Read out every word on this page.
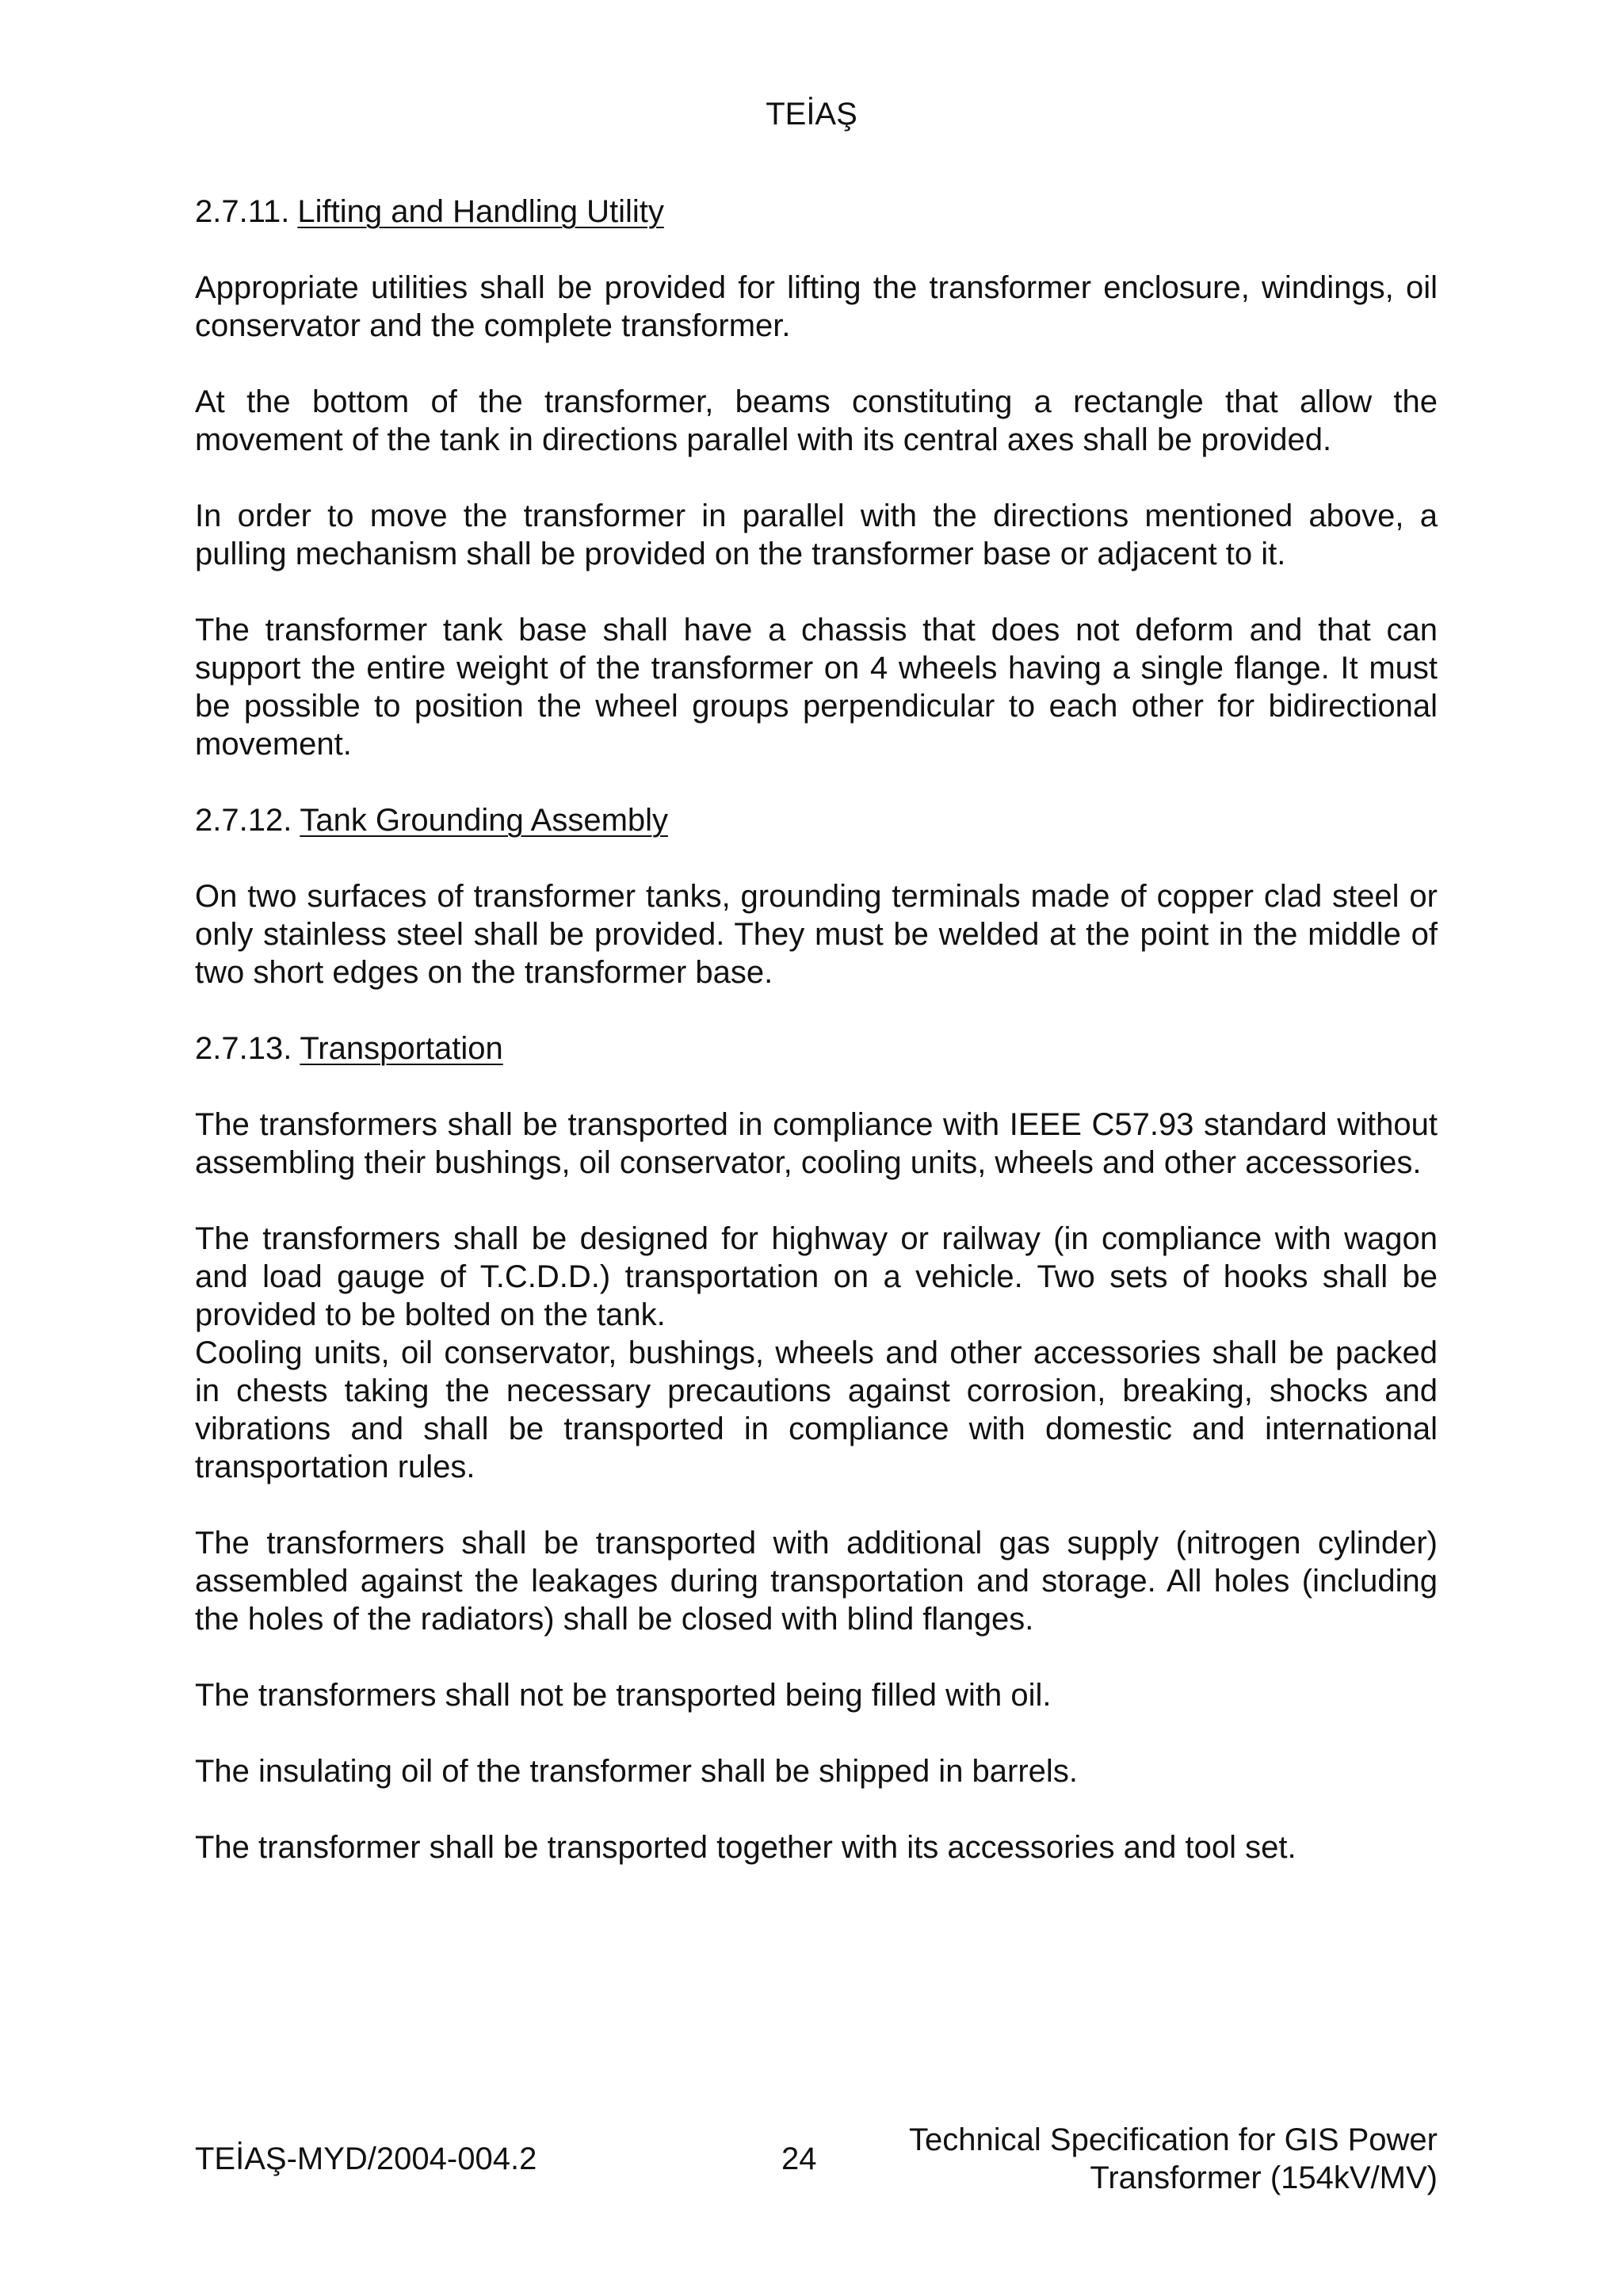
TEİAŞ
2.7.11. Lifting and Handling Utility

Appropriate utilities shall be provided for lifting the transformer enclosure, windings, oil conservator and the complete transformer.

At the bottom of the transformer, beams constituting a rectangle that allow the movement of the tank in directions parallel with its central axes shall be provided.

In order to move the transformer in parallel with the directions mentioned above, a pulling mechanism shall be provided on the transformer base or adjacent to it.

The transformer tank base shall have a chassis that does not deform and that can support the entire weight of the transformer on 4 wheels having a single flange. It must be possible to position the wheel groups perpendicular to each other for bidirectional movement.

2.7.12. Tank Grounding Assembly

On two surfaces of transformer tanks, grounding terminals made of copper clad steel or only stainless steel shall be provided. They must be welded at the point in the middle of two short edges on the transformer base.

2.7.13. Transportation

The transformers shall be transported in compliance with IEEE C57.93 standard without assembling their bushings, oil conservator, cooling units, wheels and other accessories.

The transformers shall be designed for highway or railway (in compliance with wagon and load gauge of T.C.D.D.) transportation on a vehicle. Two sets of hooks shall be provided to be bolted on the tank.

Cooling units, oil conservator, bushings, wheels and other accessories shall be packed in chests taking the necessary precautions against corrosion, breaking, shocks and vibrations and shall be transported in compliance with domestic and international transportation rules.

The transformers shall be transported with additional gas supply (nitrogen cylinder) assembled against the leakages during transportation and storage. All holes (including the holes of the radiators) shall be closed with blind flanges.

The transformers shall not be transported being filled with oil.

The insulating oil of the transformer shall be shipped in barrels.

The transformer shall be transported together with its accessories and tool set.

TEİAŞ-MYD/2004-004.2	24
Technical Specification for GIS Power
Transformer (154kV/MV)
